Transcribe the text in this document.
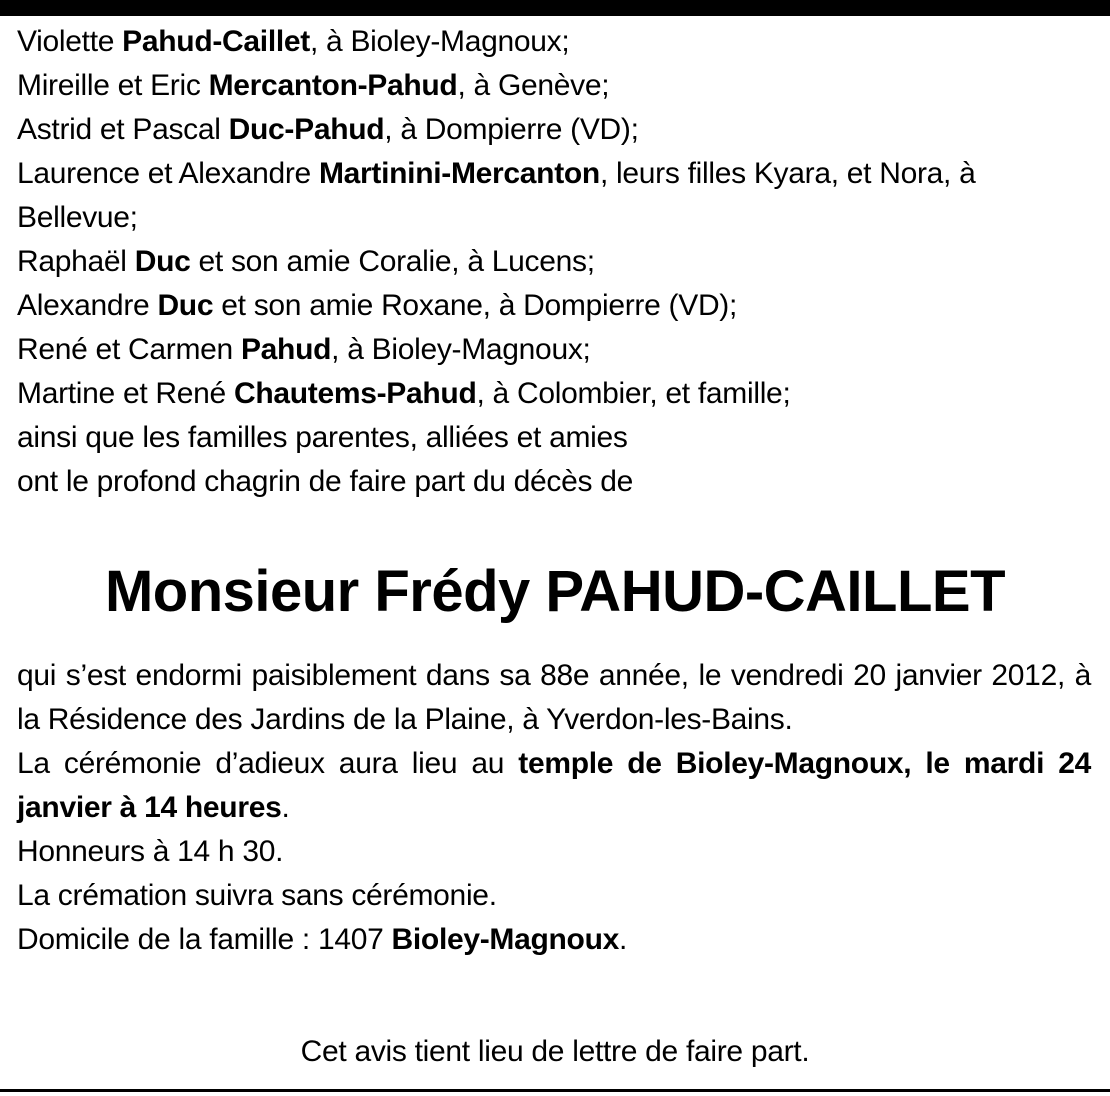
Violette Pahud-Caillet, à Bioley-Magnoux;
Mireille et Eric Mercanton-Pahud, à Genève;
Astrid et Pascal Duc-Pahud, à Dompierre (VD);
Laurence et Alexandre Martinini-Mercanton, leurs filles Kyara, et Nora, à Bellevue;
Raphaël Duc et son amie Coralie, à Lucens;
Alexandre Duc et son amie Roxane, à Dompierre (VD);
René et Carmen Pahud, à Bioley-Magnoux;
Martine et René Chautems-Pahud, à Colombier, et famille;
ainsi que les familles parentes, alliées et amies
ont le profond chagrin de faire part du décès de
Monsieur Frédy PAHUD-CAILLET
qui s’est endormi paisiblement dans sa 88e année, le vendredi 20 janvier 2012, à la Résidence des Jardins de la Plaine, à Yverdon-les-Bains.
La cérémonie d’adieux aura lieu au temple de Bioley-Magnoux, le mardi 24 janvier à 14 heures.
Honneurs à 14 h 30.
La crémation suivra sans cérémonie.
Domicile de la famille : 1407 Bioley-Magnoux.
Cet avis tient lieu de lettre de faire part.
